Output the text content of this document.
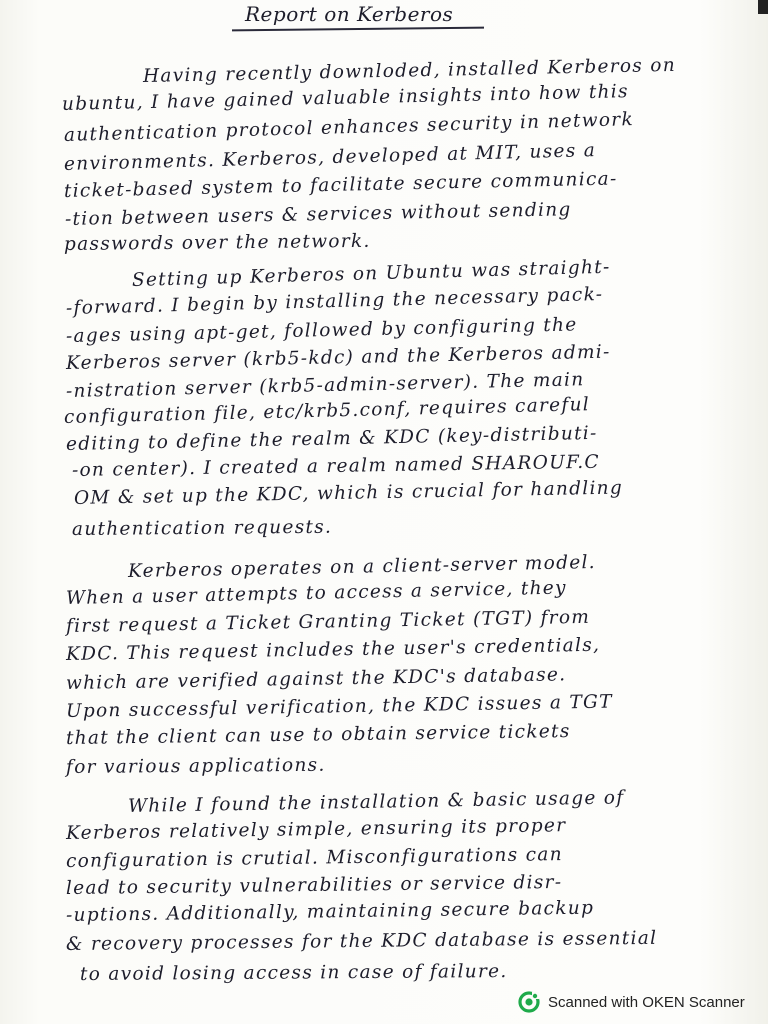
Report on Kerberos
Having recently downloded, installed Kerberos on
ubuntu, I have gained valuable insights into how this
authentication protocol enhances security in network
environments. Kerberos, developed at MIT, uses a
ticket-based system to facilitate secure communica-
-tion between users & services without sending
passwords over the network.
Setting up Kerberos on Ubuntu was straight-
-forward. I begin by installing the necessary pack-
-ages using apt-get, followed by configuring the
Kerberos server (krb5-kdc) and the Kerberos admi-
-nistration server (krb5-admin-server). The main
configuration file, etc/krb5.conf, requires careful
editing to define the realm & KDC (key-distributi-
-on center). I created a realm named SHAROUF.C
OM & set up the KDC, which is crucial for handling
authentication requests.
Kerberos operates on a client-server model.
When a user attempts to access a service, they
first request a Ticket Granting Ticket (TGT) from
KDC. This request includes the user's credentials,
which are verified against the KDC's database.
Upon successful verification, the KDC issues a TGT
that the client can use to obtain service tickets
for various applications.
While I found the installation & basic usage of
Kerberos relatively simple, ensuring its proper
configuration is crutial. Misconfigurations can
lead to security vulnerabilities or service disr-
-uptions. Additionally, maintaining secure backup
& recovery processes for the KDC database is essential
to avoid losing access in case of failure.
Scanned with OKEN Scanner
